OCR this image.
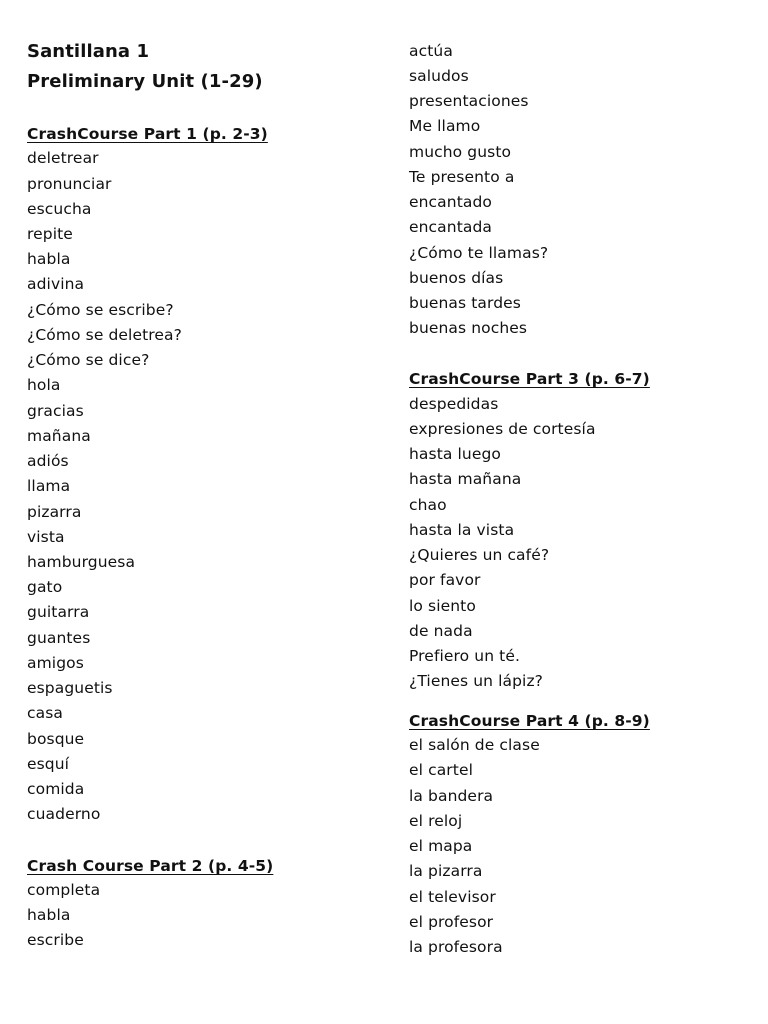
Santillana 1
Preliminary Unit (1-29)
CrashCourse Part 1 (p. 2-3)
deletrear
pronunciar
escucha
repite
habla
adivina
¿Cómo se escribe?
¿Cómo se deletrea?
¿Cómo se dice?
hola
gracias
mañana
adiós
llama
pizarra
vista
hamburguesa
gato
guitarra
guantes
amigos
espaguetis
casa
bosque
esquí
comida
cuaderno
Crash Course Part 2 (p. 4-5)
completa
habla
escribe
actúa
saludos
presentaciones
Me llamo
mucho gusto
Te presento a
encantado
encantada
¿Cómo te llamas?
buenos días
buenas tardes
buenas noches
CrashCourse Part 3 (p. 6-7)
despedidas
expresiones de cortesía
hasta luego
hasta mañana
chao
hasta la vista
¿Quieres un café?
por favor
lo siento
de nada
Prefiero un té.
¿Tienes un lápiz?
CrashCourse Part 4 (p. 8-9)
el salón de clase
el cartel
la bandera
el reloj
el mapa
la pizarra
el televisor
el profesor
la profesora
